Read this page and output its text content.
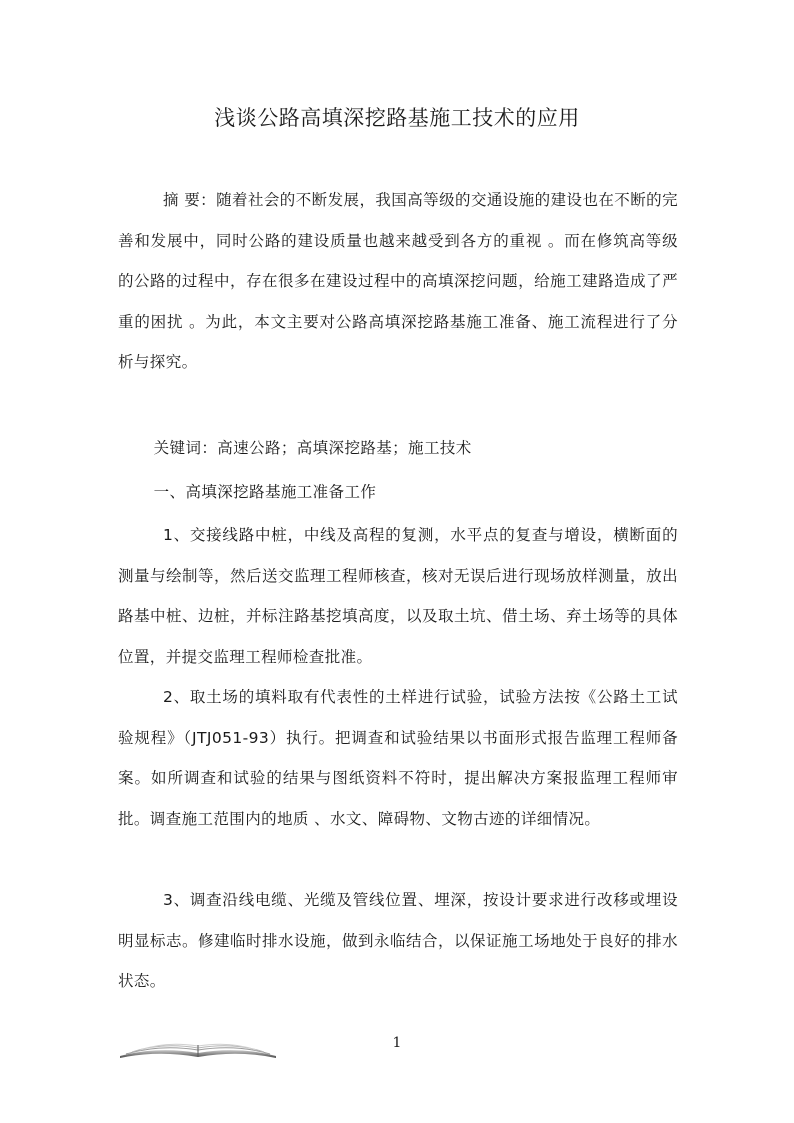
浅谈公路高填深挖路基施工技术的应用

摘 要：随着社会的不断发展，我国高等级的交通设施的建设也在不断的完善和发展中，同时公路的建设质量也越来越受到各方的重视 。而在修筑高等级的公路的过程中，存在很多在建设过程中的高填深挖问题，给施工建路造成了严重的困扰 。为此，本文主要对公路高填深挖路基施工准备、施工流程进行了分析与探究。

关键词：高速公路；高填深挖路基；施工技术

一、高填深挖路基施工准备工作

1、交接线路中桩，中线及高程的复测，水平点的复查与增设，横断面的测量与绘制等，然后送交监理工程师核查，核对无误后进行现场放样测量，放出路基中桩、边桩，并标注路基挖填高度，以及取土坑、借土场、弃土场等的具体位置，并提交监理工程师检查批准。

2、取土场的填料取有代表性的土样进行试验，试验方法按《公路土工试验规程》（JTJ051-93）执行。把调查和试验结果以书面形式报告监理工程师备案。如所调查和试验的结果与图纸资料不符时，提出解决方案报监理工程师审批。调查施工范围内的地质 、水文、障碍物、文物古迹的详细情况。

3、调查沿线电缆、光缆及管线位置、埋深，按设计要求进行改移或埋设明显标志。修建临时排水设施，做到永临结合，以保证施工场地处于良好的排水状态。

1
